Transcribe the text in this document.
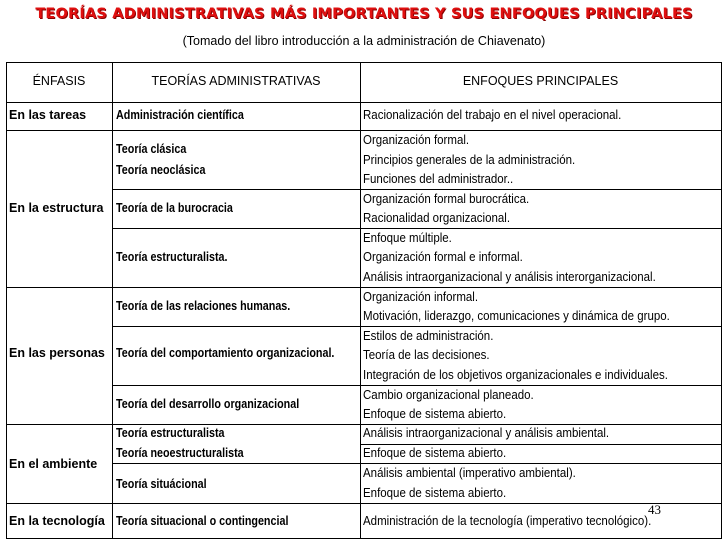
TEORÍAS ADMINISTRATIVAS MÁS IMPORTANTES Y SUS ENFOQUES PRINCIPALES
(Tomado del libro introducción a la administración de Chiavenato)
ÉNFASIS	TEORÍAS ADMINISTRATIVAS	ENFOQUES PRINCIPALES
En las tareas
En la estructura
En las personas
En el ambiente
En la tecnología
Administración científica
Teoría clásica
Teoría neoclásica
Teoría de la burocracia
Teoría estructuralista.
Teoría de las relaciones humanas.
Teoría del comportamiento organizacional.
Teoría del desarrollo organizacional
Teoría estructuralista
Teoría neoestructuralista
Teoría situácional
Teoría situacional o contingencial
Racionalización del trabajo en el nivel operacional.
Organización formal.
Principios generales de la administración.
Funciones del administrador..
Organización formal burocrática.
Racionalidad organizacional.
Enfoque múltiple.
Organización formal e informal.
Análisis intraorganizacional y análisis interorganizacional.
Organización informal.
Motivación, liderazgo, comunicaciones y dinámica de grupo.
Estilos de administración.
Teoría de las decisiones.
Integración de los objetivos organizacionales e individuales.
Cambio organizacional planeado.
Enfoque de sistema abierto.
Análisis intraorganizacional y análisis ambiental.
Enfoque de sistema abierto.
Análisis ambiental (imperativo ambiental).
Enfoque de sistema abierto.
Administración de la tecnología (imperativo tecnológico).
43
